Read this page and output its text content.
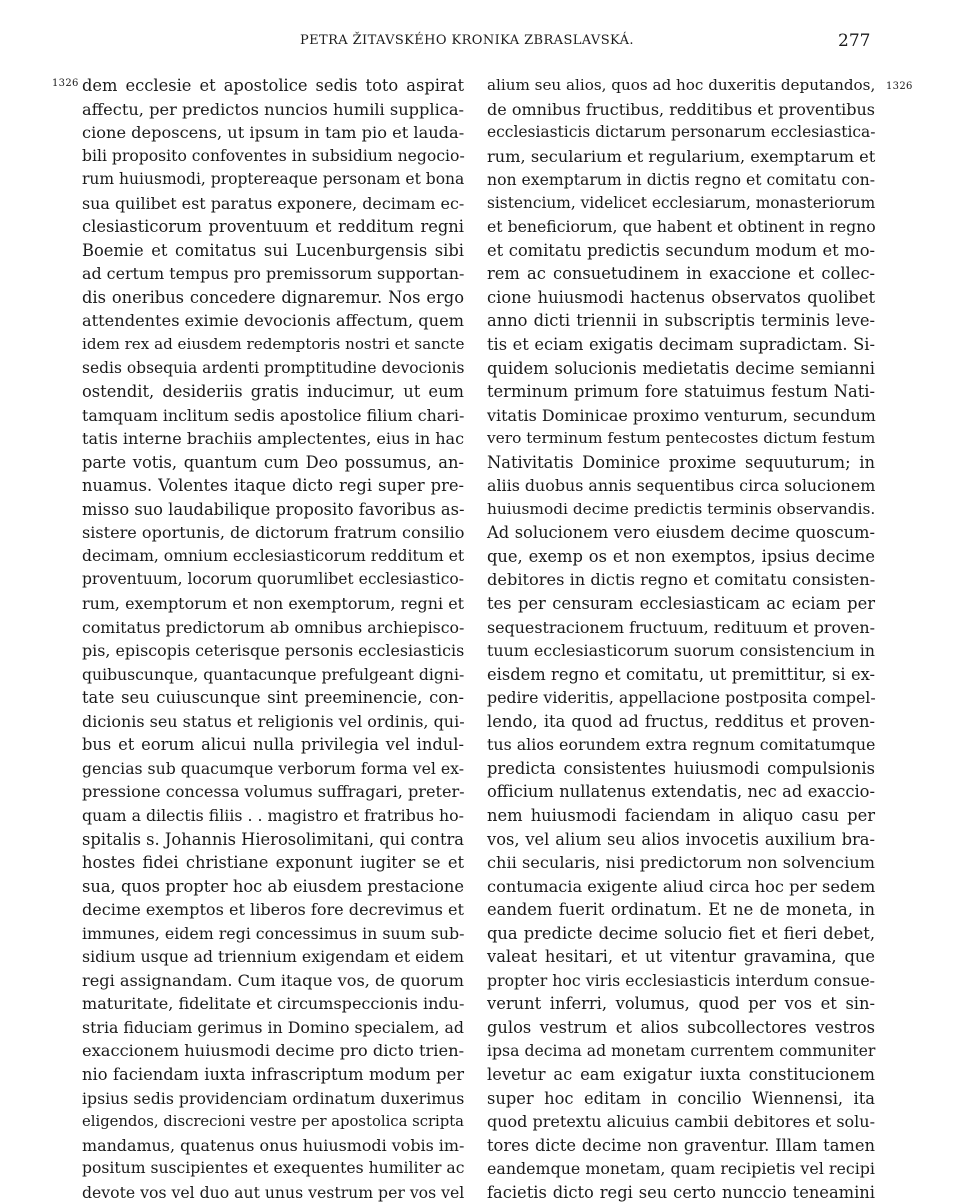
PETRA ŽITAVSKÉHO KRONIKA ZBRASLAVSKÁ.	277
1326	1326
dem ecclesie et apostolice sedis toto aspirat
affectu, per predictos nuncios humili supplica-
cione deposcens, ut ipsum in tam pio et lauda-
bili proposito confoventes in subsidium negocio-
rum huiusmodi, propterеaque personam et bona
sua quilibet est paratus exponere, decimam ec-
clesiasticorum proventuum et redditum regni
Boemie et comitatus sui Lucenburgensis sibi
ad certum tempus pro premissorum supportan-
dis oneribus concedere dignaremur. Nos ergo
attendentes eximie devocionis affectum, quem
idem rex ad eiusdem redemptoris nostri et sancte
sedis obsequia ardenti promptitudine devocionis
ostendit, desideriis gratis inducimur, ut eum
tamquam inclitum sedis apostolice filium chari-
tatis interne brachiis amplectentes, eius in hac
parte votis, quantum cum Deo possumus, an-
nuamus. Volentes itaque dicto regi super pre-
misso suo laudabilique proposito favoribus as-
sistere oportunis, de dictorum fratrum consilio
decimam, omnium ecclesiasticorum redditum et
proventuum, locorum quorumlibet ecclesiastico-
rum, exemptorum et non exemptorum, regni et
comitatus predictorum ab omnibus archiepisco-
pis, episcopis ceterisque personis ecclesiasticis
quibuscunque, quantacunque prefulgeant digni-
tate seu cuiuscunque sint preeminencie, con-
dicionis seu status et religionis vel ordinis, qui-
bus et eorum alicui nulla privilegia vel indul-
gencias sub quacumque verborum forma vel ex-
pressione concessa volumus suffragari, preter-
quam a dilectis filiis . . magistro et fratribus ho-
spitalis s. Johannis Hierosolimitani, qui contra
hostes fidei christiane exponunt iugiter se et
sua, quos propter hoc ab eiusdem prestacione
decime exemptos et liberos fore decrevimus et
immunes, eidem regi concessimus in suum sub-
sidium usque ad triennium exigendam et eidem
regi assignandam. Cum itaque vos, de quorum
maturitate, fidelitate et circumspeccionis indu-
stria fiduciam gerimus in Domino specialem, ad
exaccionem huiusmodi decime pro dicto trien-
nio faciendam iuxta infrascriptum modum per
ipsius sedis providenciam ordinatum duxerimus
eligendos, discrecioni vestre per apostolica scripta
mandamus, quatenus onus huiusmodi vobis im-
positum suscipientes et exequentes humiliter ac
devote vos vel duo aut unus vestrum per vos vel
alium seu alios, quos ad hoc duxeritis deputandos,
de omnibus fructibus, redditibus et proventibus
ecclesiasticis dictarum personarum ecclesiastica-
rum, secularium et regularium, exemptarum et
non exemptarum in dictis regno et comitatu con-
sistencium, videlicet ecclesiarum, monasteriorum
et beneficiorum, que habent et obtinent in regno
et comitatu predictis secundum modum et mo-
rem ac consuetudinem in exaccione et collec-
cione huiusmodi hactenus observatos quolibet
anno dicti triennii in subscriptis terminis leve-
tis et eciam exigatis decimam supradictam. Si-
quidem solucionis medietatis decime semianni
terminum primum fore statuimus festum Nati-
vitatis Dominicae proximo venturum, secundum
vero terminum festum pentecostes dictum festum
Nativitatis Dominice proxime sequuturum; in
aliis duobus annis sequentibus circa solucionem
huiusmodi decime predictis terminis observandis.
Ad solucionem vero eiusdem decime quoscum-
que, exemp os et non exemptos, ipsius decime
debitores in dictis regno et comitatu consisten-
tes per censuram ecclesiasticam ac eciam per
sequestracionem fructuum, redituum et proven-
tuum ecclesiasticorum suorum consistencium in
eisdem regno et comitatu, ut premittitur, si ex-
pedire videritis, appellacione postposita compel-
lendo, ita quod ad fructus, redditus et proven-
tus alios eorundem extra regnum comitatumque
predicta consistentes huiusmodi compulsionis
officium nullatenus extendatis, nec ad exaccio-
nem huiusmodi faciendam in aliquo casu per
vos, vel alium seu alios invocetis auxilium bra-
chii secularis, nisi predictorum non solvencium
contumacia exigente aliud circa hoc per sedem
eandem fuerit ordinatum. Et ne de moneta, in
qua predicte decime solucio fiet et fieri debet,
valeat hesitari, et ut vitentur gravamina, que
propter hoc viris ecclesiasticis interdum consue-
verunt inferri, volumus, quod per vos et sin-
gulos vestrum et alios subcollectores vestros
ipsa decima ad monetam currentem communiter
levetur ac eam exigatur iuxta constitucionem
super hoc editam in concilio Wiennensi, ita
quod pretextu alicuius cambii debitores et solu-
tores dicte decime non graventur. Illam tamen
eandemque monetam, quam recipietis vel recipi
facietis dicto regi seu certo nunccio teneamini
